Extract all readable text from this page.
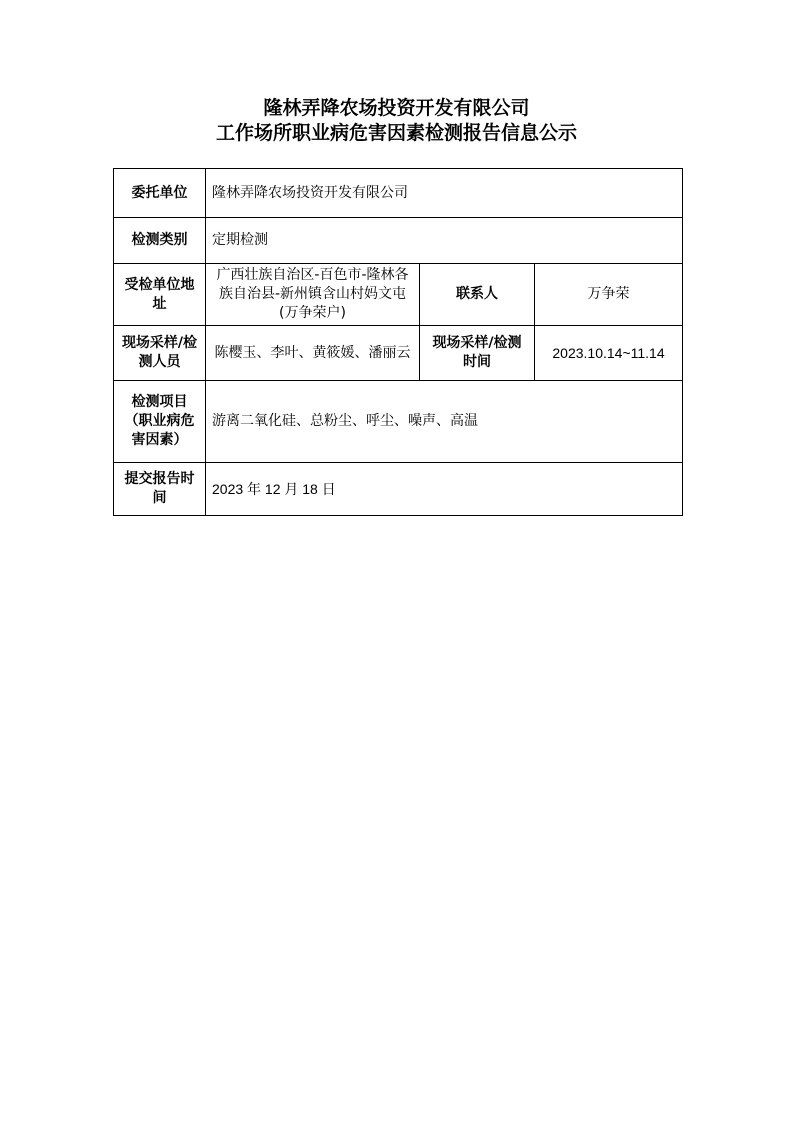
隆林弄降农场投资开发有限公司
工作场所职业病危害因素检测报告信息公示
委托单位	隆林弄降农场投资开发有限公司		
检测类别	定期检测		
受检单位地址	广西壮族自治区-百色市-隆林各族自治县-新州镇含山村妈文屯(万争荣户)	联系人	万争荣
现场采样/检测人员	陈樱玉、李叶、黄筱媛、潘丽云	现场采样/检测时间	2023.10.14~11.14
检测项目（职业病危害因素）	游离二氧化硅、总粉尘、呼尘、噪声、高温		
提交报告时间	2023 年 12 月 18 日		
